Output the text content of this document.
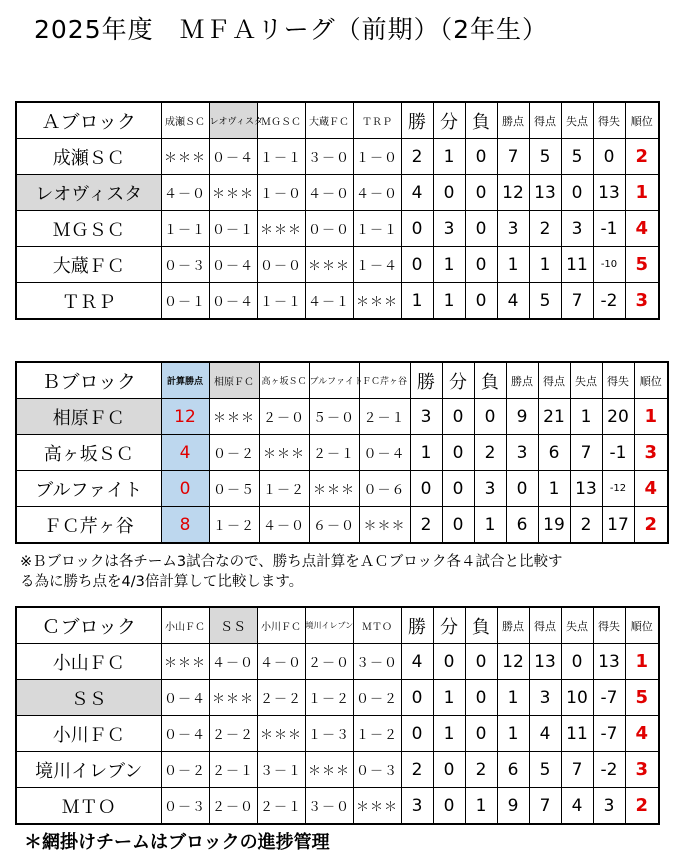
2025年度　ＭＦＡリーグ（前期）（2年生）
Ａブロック	成瀬ＳＣ	レオヴィスタ	ＭＧＳＣ	大蔵ＦＣ	ＴＲＰ	勝	分	負	勝点	得点	失点	得失	順位
成瀬ＳＣ	＊＊＊	０－４	１－１	３－０	１－０	2	1	0	7	5	5	0	2
レオヴィスタ	４－０	＊＊＊	１－０	４－０	４－０	4	0	0	12	13	0	13	1
ＭＧＳＣ	１－１	０－１	＊＊＊	０－０	１－１	0	3	0	3	2	3	-1	4
大蔵ＦＣ	０－３	０－４	０－０	＊＊＊	１－４	0	1	0	1	1	11	-10	5
ＴＲＰ	０－１	０－４	１－１	４－１	＊＊＊	1	1	0	4	5	7	-2	3
Ｂブロック	計算勝点	相原ＦＣ	高ヶ坂ＳＣ	ブルファイト	ＦＣ芹ヶ谷	勝	分	負	勝点	得点	失点	得失	順位
相原ＦＣ	12	＊＊＊	２－０	５－０	２－１	3	0	0	9	21	1	20	1
高ヶ坂ＳＣ	4	０－２	＊＊＊	２－１	０－４	1	0	2	3	6	7	-1	3
ブルファイト	0	０－５	１－２	＊＊＊	０－６	0	0	3	0	1	13	-12	4
ＦＣ芹ヶ谷	8	１－２	４－０	６－０	＊＊＊	2	0	1	6	19	2	17	2
※Ｂブロックは各チーム3試合なので、勝ち点計算をＡＣブロック各４試合と比較す
る為に勝ち点を4/3倍計算して比較します。
Ｃブロック	小山ＦＣ	ＳＳ	小川ＦＣ	境川イレブン	ＭＴＯ	勝	分	負	勝点	得点	失点	得失	順位
小山ＦＣ	＊＊＊	４－０	４－０	２－０	３－０	4	0	0	12	13	0	13	1
ＳＳ	０－４	＊＊＊	２－２	１－２	０－２	0	1	0	1	3	10	-7	5
小川ＦＣ	０－４	２－２	＊＊＊	１－３	１－２	0	1	0	1	4	11	-7	4
境川イレブン	０－２	２－１	３－１	＊＊＊	０－３	2	0	2	6	5	7	-2	3
ＭＴＯ	０－３	２－０	２－１	３－０	＊＊＊	3	0	1	9	7	4	3	2
＊網掛けチームはブロックの進捗管理
